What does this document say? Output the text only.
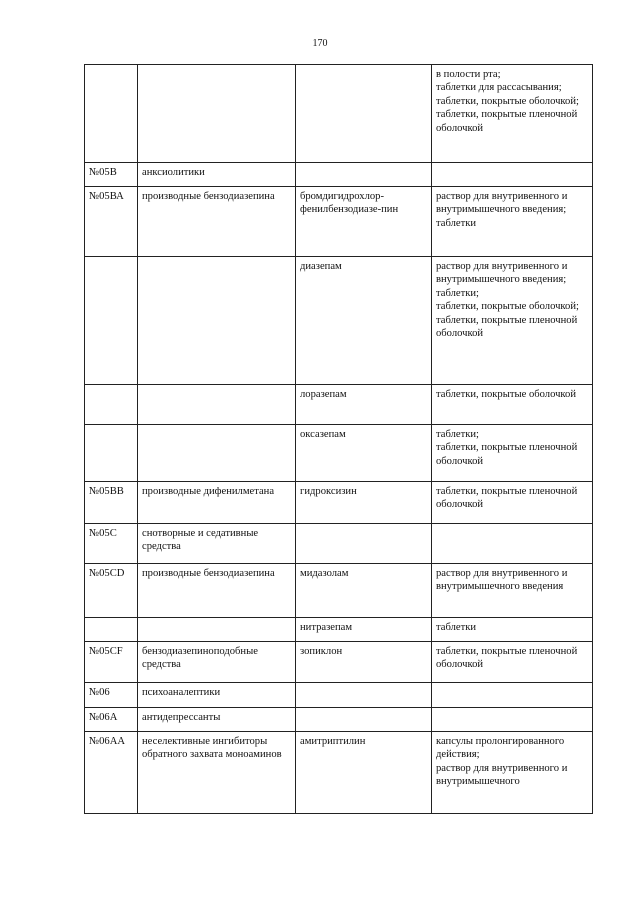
170
			в полости рта;
таблетки для рассасывания;
таблетки, покрытые оболочкой;
таблетки, покрытые пленочной оболочкой
№05В	анксиолитики		
№05ВА	производные бензодиазепина	бромдигидрохлор-фенилбензодиазе-пин	раствор для внутривенного и внутримышечного введения;
таблетки
		диазепам	раствор для внутривенного и внутримышечного введения;
таблетки;
таблетки, покрытые оболочкой;
таблетки, покрытые пленочной оболочкой
		лоразепам	таблетки, покрытые оболочкой
		оксазепам	таблетки;
таблетки, покрытые пленочной оболочкой
№05ВВ	производные дифенилметана	гидроксизин	таблетки, покрытые пленочной оболочкой
№05С	снотворные и седативные средства		
№05CD	производные бензодиазепина	мидазолам	раствор для внутривенного и внутримышечного введения
		нитразепам	таблетки
№05CF	бензодиазепиноподобные средства	зопиклон	таблетки, покрытые пленочной оболочкой
№06	психоаналептики		
№06А	антидепрессанты		
№06АА	неселективные ингибиторы обратного захвата моноаминов	амитриптилин	капсулы пролонгированного действия;
раствор для внутривенного и внутримышечного
